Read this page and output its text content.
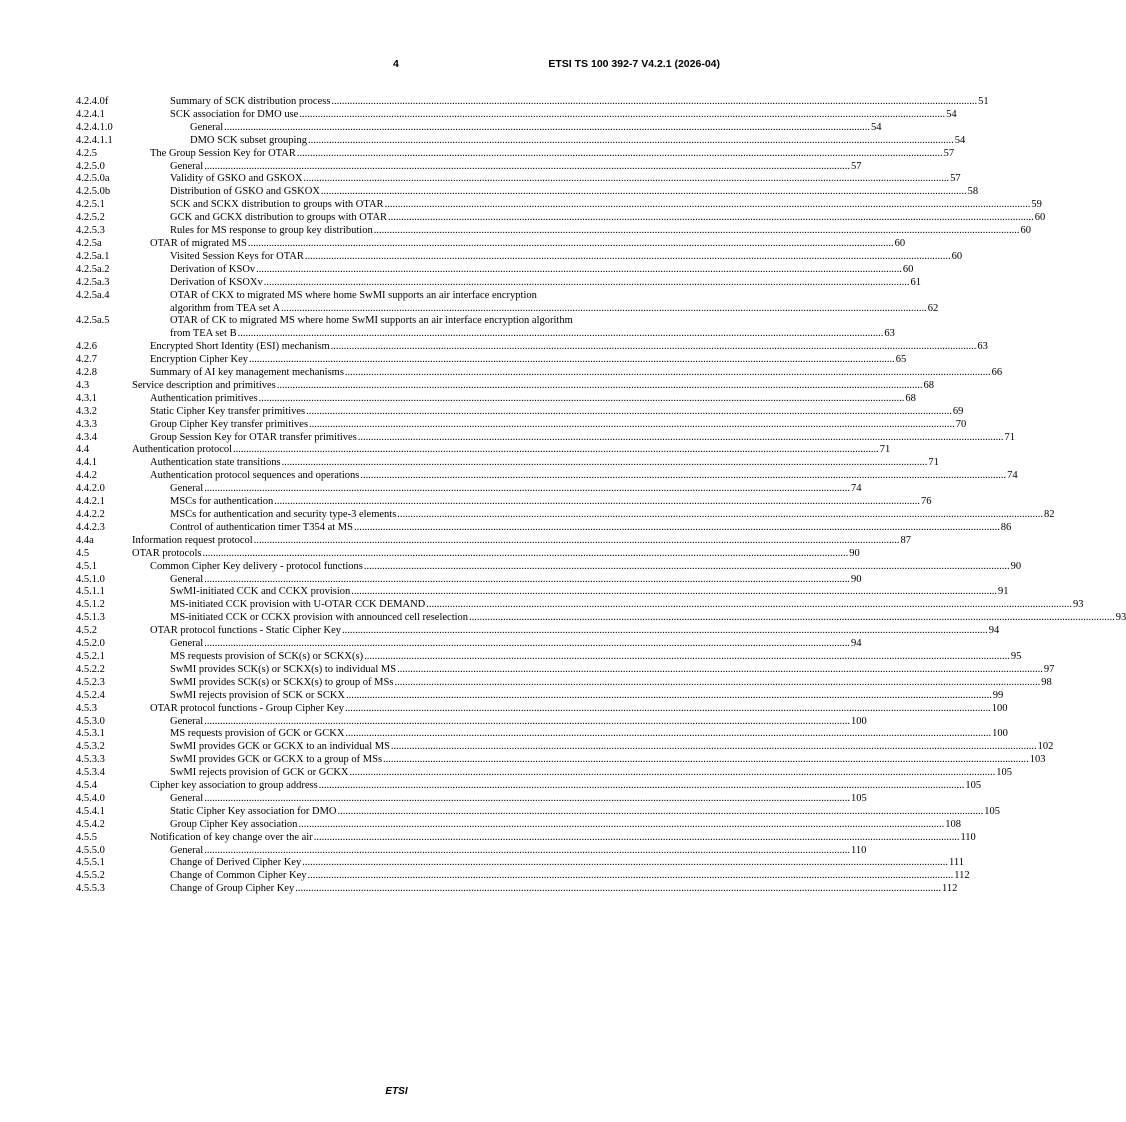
4	ETSI TS 100 392-7 V4.2.1 (2026-04)
4.2.4.0f	Summary of SCK distribution process .....	51
4.2.4.1	SCK association for DMO use .....	54
4.2.4.1.0	General .....	54
4.2.4.1.1	DMO SCK subset grouping .....	54
4.2.5	The Group Session Key for OTAR .....	57
4.2.5.0	General .....	57
4.2.5.0a	Validity of GSKO and GSKOX .....	57
4.2.5.0b	Distribution of GSKO and GSKOX .....	58
4.2.5.1	SCK and SCKX distribution to groups with OTAR .....	59
4.2.5.2	GCK and GCKX distribution to groups with OTAR .....	60
4.2.5.3	Rules for MS response to group key distribution .....	60
4.2.5a	OTAR of migrated MS .....	60
4.2.5a.1	Visited Session Keys for OTAR .....	60
4.2.5a.2	Derivation of KSOv .....	60
4.2.5a.3	Derivation of KSOXv .....	61
4.2.5a.4	OTAR of CKX to migrated MS where home SwMI supports an air interface encryption
algorithm from TEA set A .....	62
4.2.5a.5	OTAR of CK to migrated MS where home SwMI supports an air interface encryption algorithm
from TEA set B .....	63
4.2.6	Encrypted Short Identity (ESI) mechanism .....	63
4.2.7	Encryption Cipher Key .....	65
4.2.8	Summary of AI key management mechanisms .....	66
4.3	Service description and primitives .....	68
4.3.1	Authentication primitives .....	68
4.3.2	Static Cipher Key transfer primitives .....	69
4.3.3	Group Cipher Key transfer primitives .....	70
4.3.4	Group Session Key for OTAR transfer primitives .....	71
4.4	Authentication protocol .....	71
4.4.1	Authentication state transitions .....	71
4.4.2	Authentication protocol sequences and operations .....	74
4.4.2.0	General .....	74
4.4.2.1	MSCs for authentication .....	76
4.4.2.2	MSCs for authentication and security type-3 elements .....	82
4.4.2.3	Control of authentication timer T354 at MS .....	86
4.4a	Information request protocol .....	87
4.5	OTAR protocols .....	90
4.5.1	Common Cipher Key delivery - protocol functions .....	90
4.5.1.0	General .....	90
4.5.1.1	SwMI-initiated CCK and CCKX provision .....	91
4.5.1.2	MS-initiated CCK provision with U-OTAR CCK DEMAND .....	93
4.5.1.3	MS-initiated CCK or CCKX provision with announced cell reselection .....	93
4.5.2	OTAR protocol functions - Static Cipher Key .....	94
4.5.2.0	General .....	94
4.5.2.1	MS requests provision of SCK(s) or SCKX(s) .....	95
4.5.2.2	SwMI provides SCK(s) or SCKX(s) to individual MS .....	97
4.5.2.3	SwMI provides SCK(s) or SCKX(s) to group of MSs .....	98
4.5.2.4	SwMI rejects provision of SCK or SCKX .....	99
4.5.3	OTAR protocol functions - Group Cipher Key .....	100
4.5.3.0	General .....	100
4.5.3.1	MS requests provision of GCK or GCKX .....	100
4.5.3.2	SwMI provides GCK or GCKX to an individual MS .....	102
4.5.3.3	SwMI provides GCK or GCKX to a group of MSs .....	103
4.5.3.4	SwMI rejects provision of GCK or GCKX .....	105
4.5.4	Cipher key association to group address .....	105
4.5.4.0	General .....	105
4.5.4.1	Static Cipher Key association for DMO .....	105
4.5.4.2	Group Cipher Key association .....	108
4.5.5	Notification of key change over the air .....	110
4.5.5.0	General .....	110
4.5.5.1	Change of Derived Cipher Key .....	111
4.5.5.2	Change of Common Cipher Key .....	112
4.5.5.3	Change of Group Cipher Key .....	112
ETSI
